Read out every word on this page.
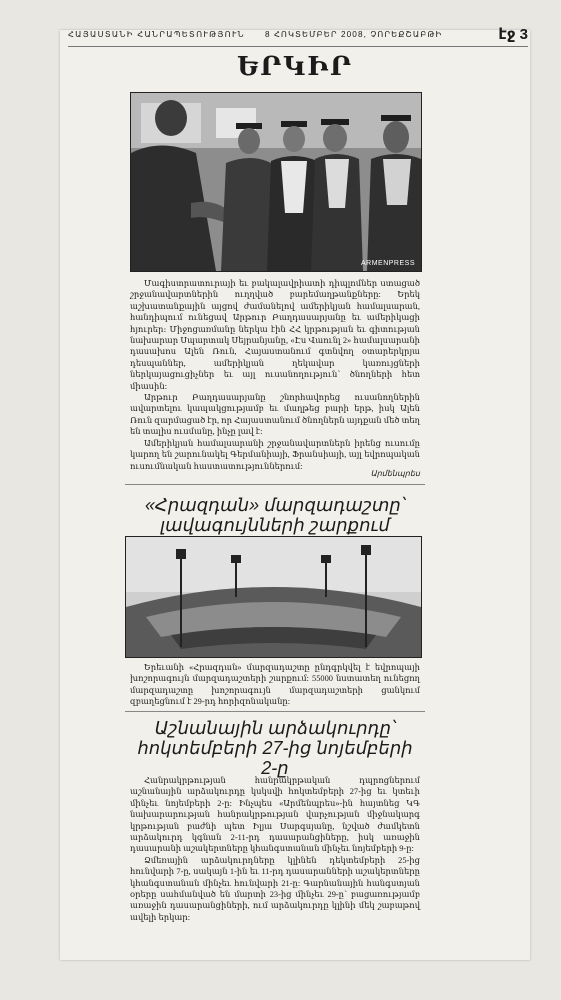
ՀԱՅԱՍՏԱՆԻ ՀԱՆՐԱՊԵՏՈՒԹՅՈՒՆ 8 ՀՈԿՏԵՄԲԵՐ 2008, ՉՈՐԵՔՇԱԲԹԻ	էջ 3
ԵՐԿԻՐ
ARMENPRESS

Մագիստրատուրայի եւ բակալավրիատի դիպլոմներ ստացած շրջանավարտներին ուղղված բարեմաղթանքները: Երեկ աշխատանքային այցով ժամանելով ամերիկյան համալսարան, հանդիպում ունեցավ Արթուր Բաղդասարյանը եւ ամերիկացի հյուրեր։ Միջոցառմանը ներկա էին ՀՀ կրթության եւ գիտության նախարար Սպարտակ Սեյրանյանը, «Էս Վաունլ 2» համալսարանի դասախոս Ալեն Ռուն, Հայաստանում գտնվող օտարերկրյա դեսպաններ, ամերիկյան ղեկավար կառույցների ներկայացուցիչներ եւ այլ ուսանողություն՝ ծնողների հետ միասին:

Արթուր Բաղդասարյանը շնորհավորեց ուսանողներին ավարտելու կապակցությամբ եւ մաղթեց բարի երթ, իսկ Ալեն Ռուն զարմացած էր, որ Հայաստանում ծնողներն այդքան մեծ տեղ են տալիս ուսմանը, ինչը լավ է:

Ամերիկյան համալսարանի շրջանավարտներն իրենց ուսումը կարող են շարունակել Գերմանիայի, Ֆրանսիայի, այլ եվրոպական ուսումնական հաստատություններում:

Արմենպրես
«Հրազդան» մարզադաշտը՝ լավագույնների շարքում

Երեւանի «Հրազդան» մարզադաշտը ընդգրկվել է եվրոպայի խոշորագույն մարզադաշտերի շարքում: 55000 նստատեղ ունեցող մարզադաշտը խոշորագույն մարզադաշտերի ցանկում զբաղեցնում է 29-րդ հորիզոնականը:

Աշնանային արձակուրդը՝ հոկտեմբերի 27-ից նոյեմբերի 2-ը

Հանրակրթության հանրակրթական դպրոցներում աշնանային արձակուրդը կսկսվի հոկտեմբերի 27-ից եւ կտեւի մինչեւ նոյեմբերի 2-ը: Ինչպես «Արմենպրես»-ին հայտնեց ԿԳ նախարարության հանրակրթության վարչության միջնակարգ կրթության բաժնի պետ Իլյա Սարգսյանը, նշված ժամկետն արձակուրդ կգնան 2-11-րդ դասարանցիները, իսկ առաջին դասարանի աշակերտները կհանգստանան մինչեւ նոյեմբերի 9-ը:

Ձմեռային արձակուրդները կլինեն դեկտեմբերի 25-ից հունվարի 7-ը, սակայն 1-ին եւ 11-րդ դասարանների աշակերտները կհանգստանան մինչեւ հունվարի 21-ը: Գարնանային հանգստյան օրերը սահմանված են մարտի 23-ից մինչեւ 29-ը՝ բացառությամբ առաջին դասարանցիների, ում արձակուրդը կլինի մեկ շաբաթով ավելի երկար:
